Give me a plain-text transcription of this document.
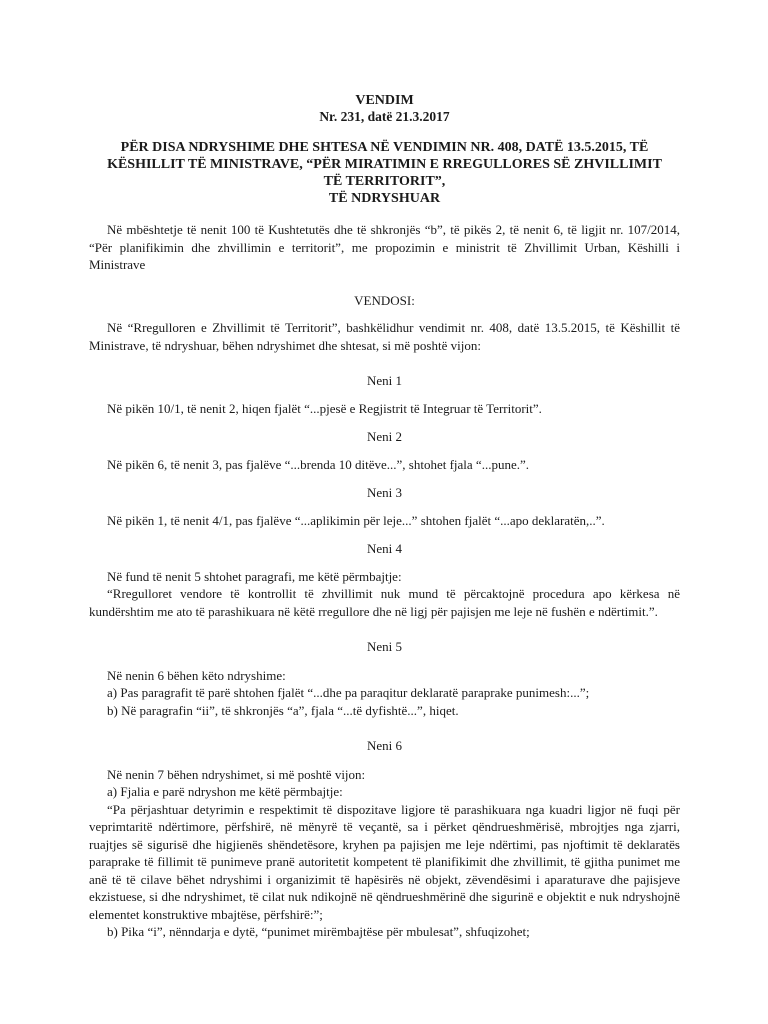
VENDIM
Nr. 231, datë 21.3.2017
PËR DISA NDRYSHIME DHE SHTESA NË VENDIMIN NR. 408, DATË 13.5.2015, TË
KËSHILLIT TË MINISTRAVE, “PËR MIRATIMIN E RREGULLORES SË ZHVILLIMIT
TË TERRITORIT”,
TË NDRYSHUAR

Në mbështetje të nenit 100 të Kushtetutës dhe të shkronjës “b”, të pikës 2, të nenit 6, të ligjit nr. 107/2014, “Për planifikimin dhe zhvillimin e territorit”, me propozimin e ministrit të Zhvillimit Urban, Këshilli i Ministrave

VENDOSI:

Në “Rregulloren e Zhvillimit të Territorit”, bashkëlidhur vendimit nr. 408, datë 13.5.2015, të Këshillit të Ministrave, të ndryshuar, bëhen ndryshimet dhe shtesat, si më poshtë vijon:

Neni 1

Në pikën 10/1, të nenit 2, hiqen fjalët “...pjesë e Regjistrit të Integruar të Territorit”.

Neni 2

Në pikën 6, të nenit 3, pas fjalëve “...brenda 10 ditëve...”, shtohet fjala “...pune.”.

Neni 3

Në pikën 1, të nenit 4/1, pas fjalëve “...aplikimin për leje...” shtohen fjalët “...apo deklaratën,..”.

Neni 4

Në fund të nenit 5 shtohet paragrafi, me këtë përmbajtje:

“Rregulloret vendore të kontrollit të zhvillimit nuk mund të përcaktojnë procedura apo kërkesa në kundërshtim me ato të parashikuara në këtë rregullore dhe në ligj për pajisjen me leje në fushën e ndërtimit.”.

Neni 5

Në nenin 6 bëhen këto ndryshime:

a) Pas paragrafit të parë shtohen fjalët “...dhe pa paraqitur deklaratë paraprake punimesh:...”;

b) Në paragrafin “ii”, të shkronjës “a”, fjala “...të dyfishtë...”, hiqet.

Neni 6

Në nenin 7 bëhen ndryshimet, si më poshtë vijon:

a) Fjalia e parë ndryshon me këtë përmbajtje:

“Pa përjashtuar detyrimin e respektimit të dispozitave ligjore të parashikuara nga kuadri ligjor në fuqi për veprimtaritë ndërtimore, përfshirë, në mënyrë të veçantë, sa i përket qëndrueshmërisë, mbrojtjes nga zjarri, ruajtjes së sigurisë dhe higjienës shëndetësore, kryhen pa pajisjen me leje ndërtimi, pas njoftimit të deklaratës paraprake të fillimit të punimeve pranë autoritetit kompetent të planifikimit dhe zhvillimit, të gjitha punimet me anë të të cilave bëhet ndryshimi i organizimit të hapësirës në objekt, zëvendësimi i aparaturave dhe pajisjeve ekzistuese, si dhe ndryshimet, të cilat nuk ndikojnë në qëndrueshmërinë dhe sigurinë e objektit e nuk ndryshojnë elementet konstruktive mbajtëse, përfshirë:”;

b) Pika “i”, nënndarja e dytë, “punimet mirëmbajtëse për mbulesat”, shfuqizohet;
